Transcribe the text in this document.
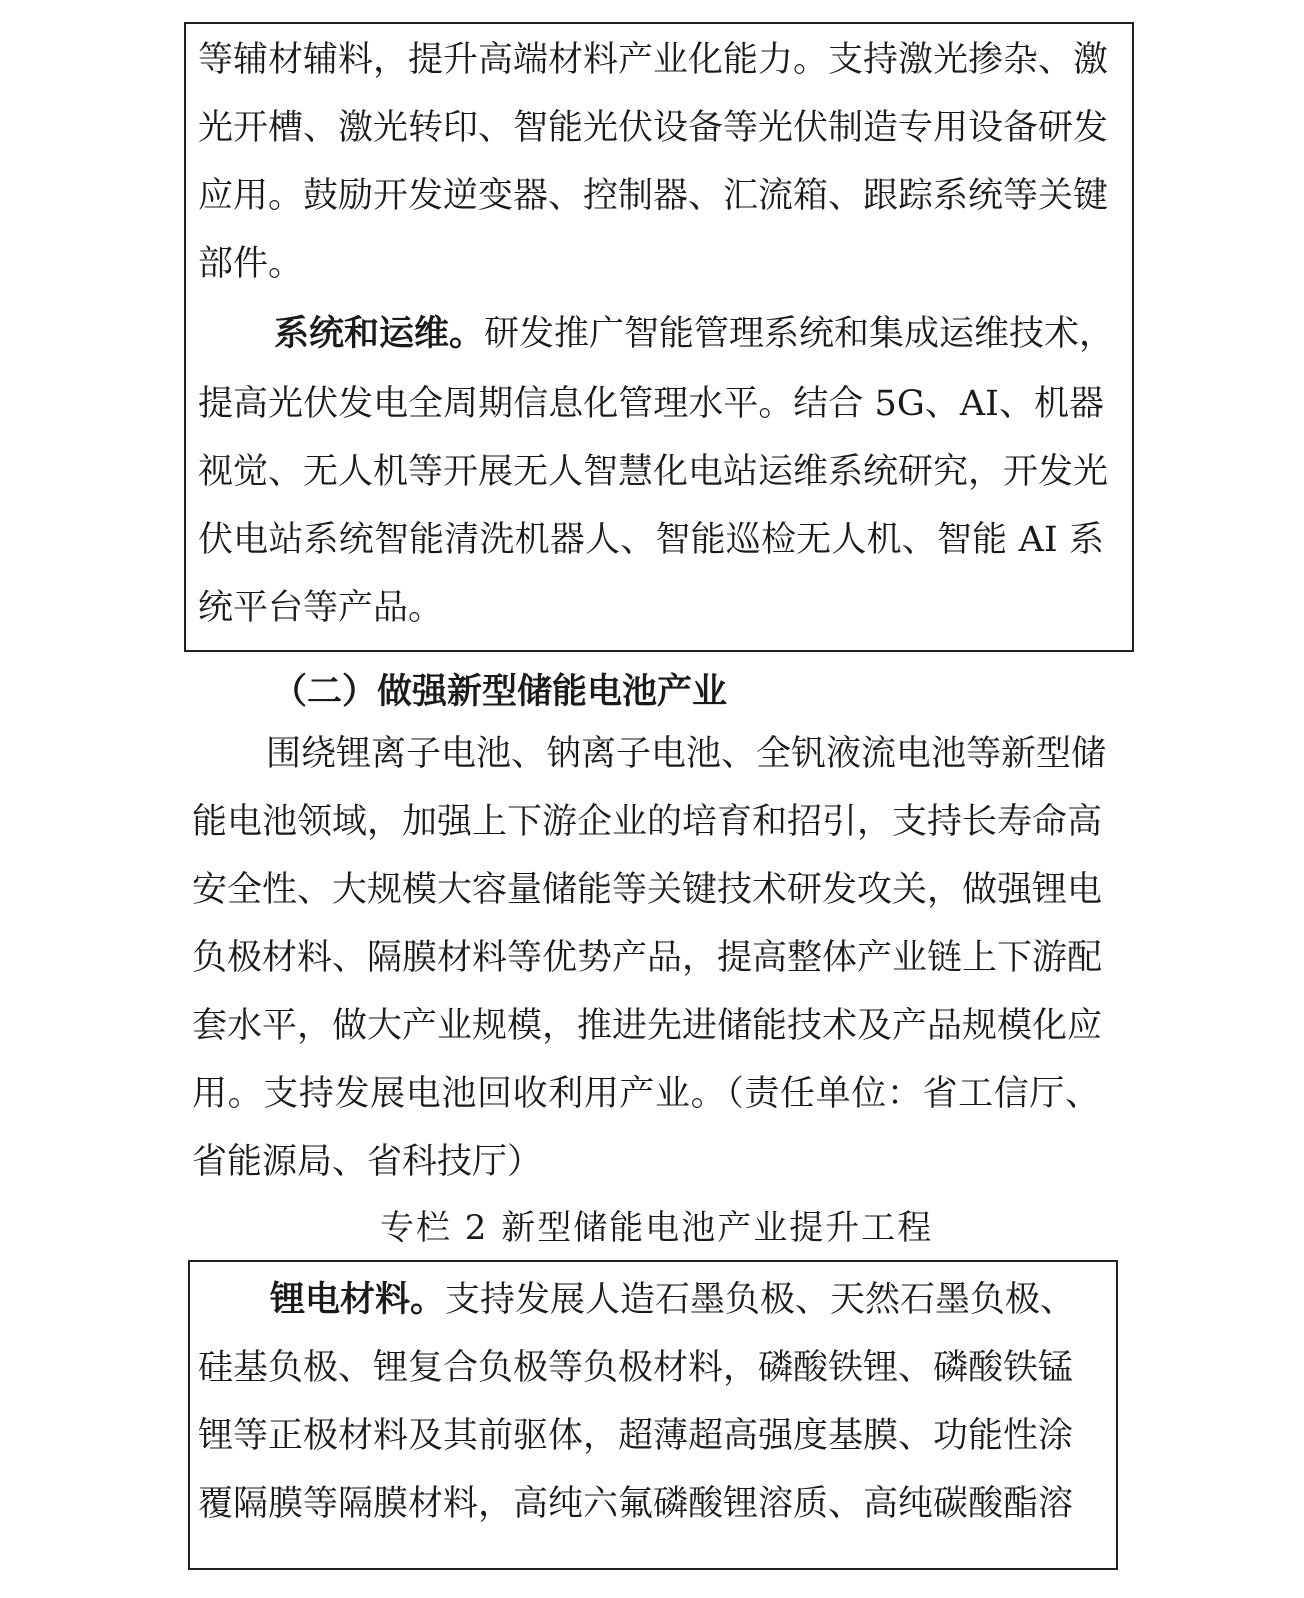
等辅材辅料，提升高端材料产业化能力。支持激光掺杂、激
光开槽、激光转印、智能光伏设备等光伏制造专用设备研发
应用。鼓励开发逆变器、控制器、汇流箱、跟踪系统等关键
部件。
系统和运维。研发推广智能管理系统和集成运维技术，
提高光伏发电全周期信息化管理水平。结合 5G、AI、机器
视觉、无人机等开展无人智慧化电站运维系统研究，开发光
伏电站系统智能清洗机器人、智能巡检无人机、智能 AI 系
统平台等产品。
（二）做强新型储能电池产业
围绕锂离子电池、钠离子电池、全钒液流电池等新型储
能电池领域，加强上下游企业的培育和招引，支持长寿命高
安全性、大规模大容量储能等关键技术研发攻关，做强锂电
负极材料、隔膜材料等优势产品，提高整体产业链上下游配
套水平，做大产业规模，推进先进储能技术及产品规模化应
用。支持发展电池回收利用产业。（责任单位：省工信厅、
省能源局、省科技厅）
专栏 2 新型储能电池产业提升工程
锂电材料。支持发展人造石墨负极、天然石墨负极、
硅基负极、锂复合负极等负极材料，磷酸铁锂、磷酸铁锰
锂等正极材料及其前驱体，超薄超高强度基膜、功能性涂
覆隔膜等隔膜材料，高纯六氟磷酸锂溶质、高纯碳酸酯溶
